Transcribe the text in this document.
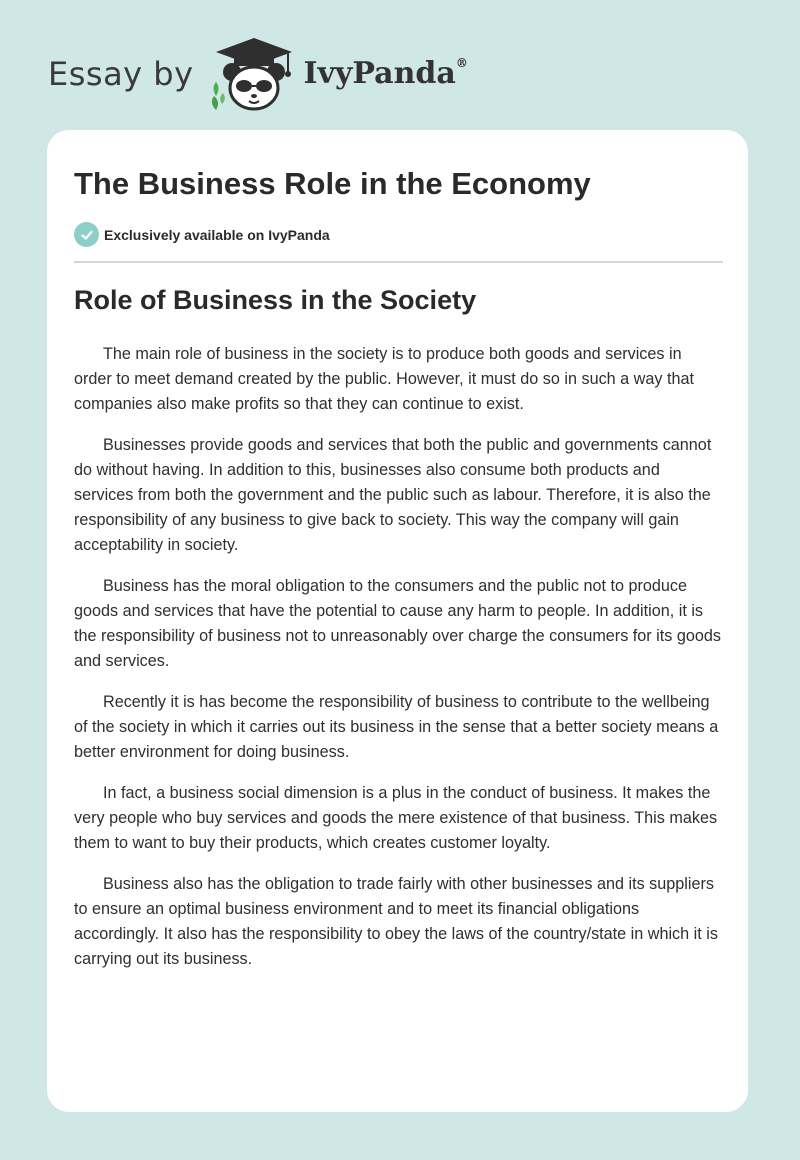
Essay by	IvyPanda®
The Business Role in the Economy
Exclusively available on IvyPanda
Role of Business in the Society

The main role of business in the society is to produce both goods and services in order to meet demand created by the public. However, it must do so in such a way that companies also make profits so that they can continue to exist.

Businesses provide goods and services that both the public and governments cannot do without having. In addition to this, businesses also consume both products and services from both the government and the public such as labour. Therefore, it is also the responsibility of any business to give back to society. This way the company will gain acceptability in society.

Business has the moral obligation to the consumers and the public not to produce goods and services that have the potential to cause any harm to people. In addition, it is the responsibility of business not to unreasonably over charge the consumers for its goods and services.

Recently it is has become the responsibility of business to contribute to the wellbeing of the society in which it carries out its business in the sense that a better society means a better environment for doing business.

In fact, a business social dimension is a plus in the conduct of business. It makes the very people who buy services and goods the mere existence of that business. This makes them to want to buy their products, which creates customer loyalty.

Business also has the obligation to trade fairly with other businesses and its suppliers to ensure an optimal business environment and to meet its financial obligations accordingly. It also has the responsibility to obey the laws of the country/state in which it is carrying out its business.
